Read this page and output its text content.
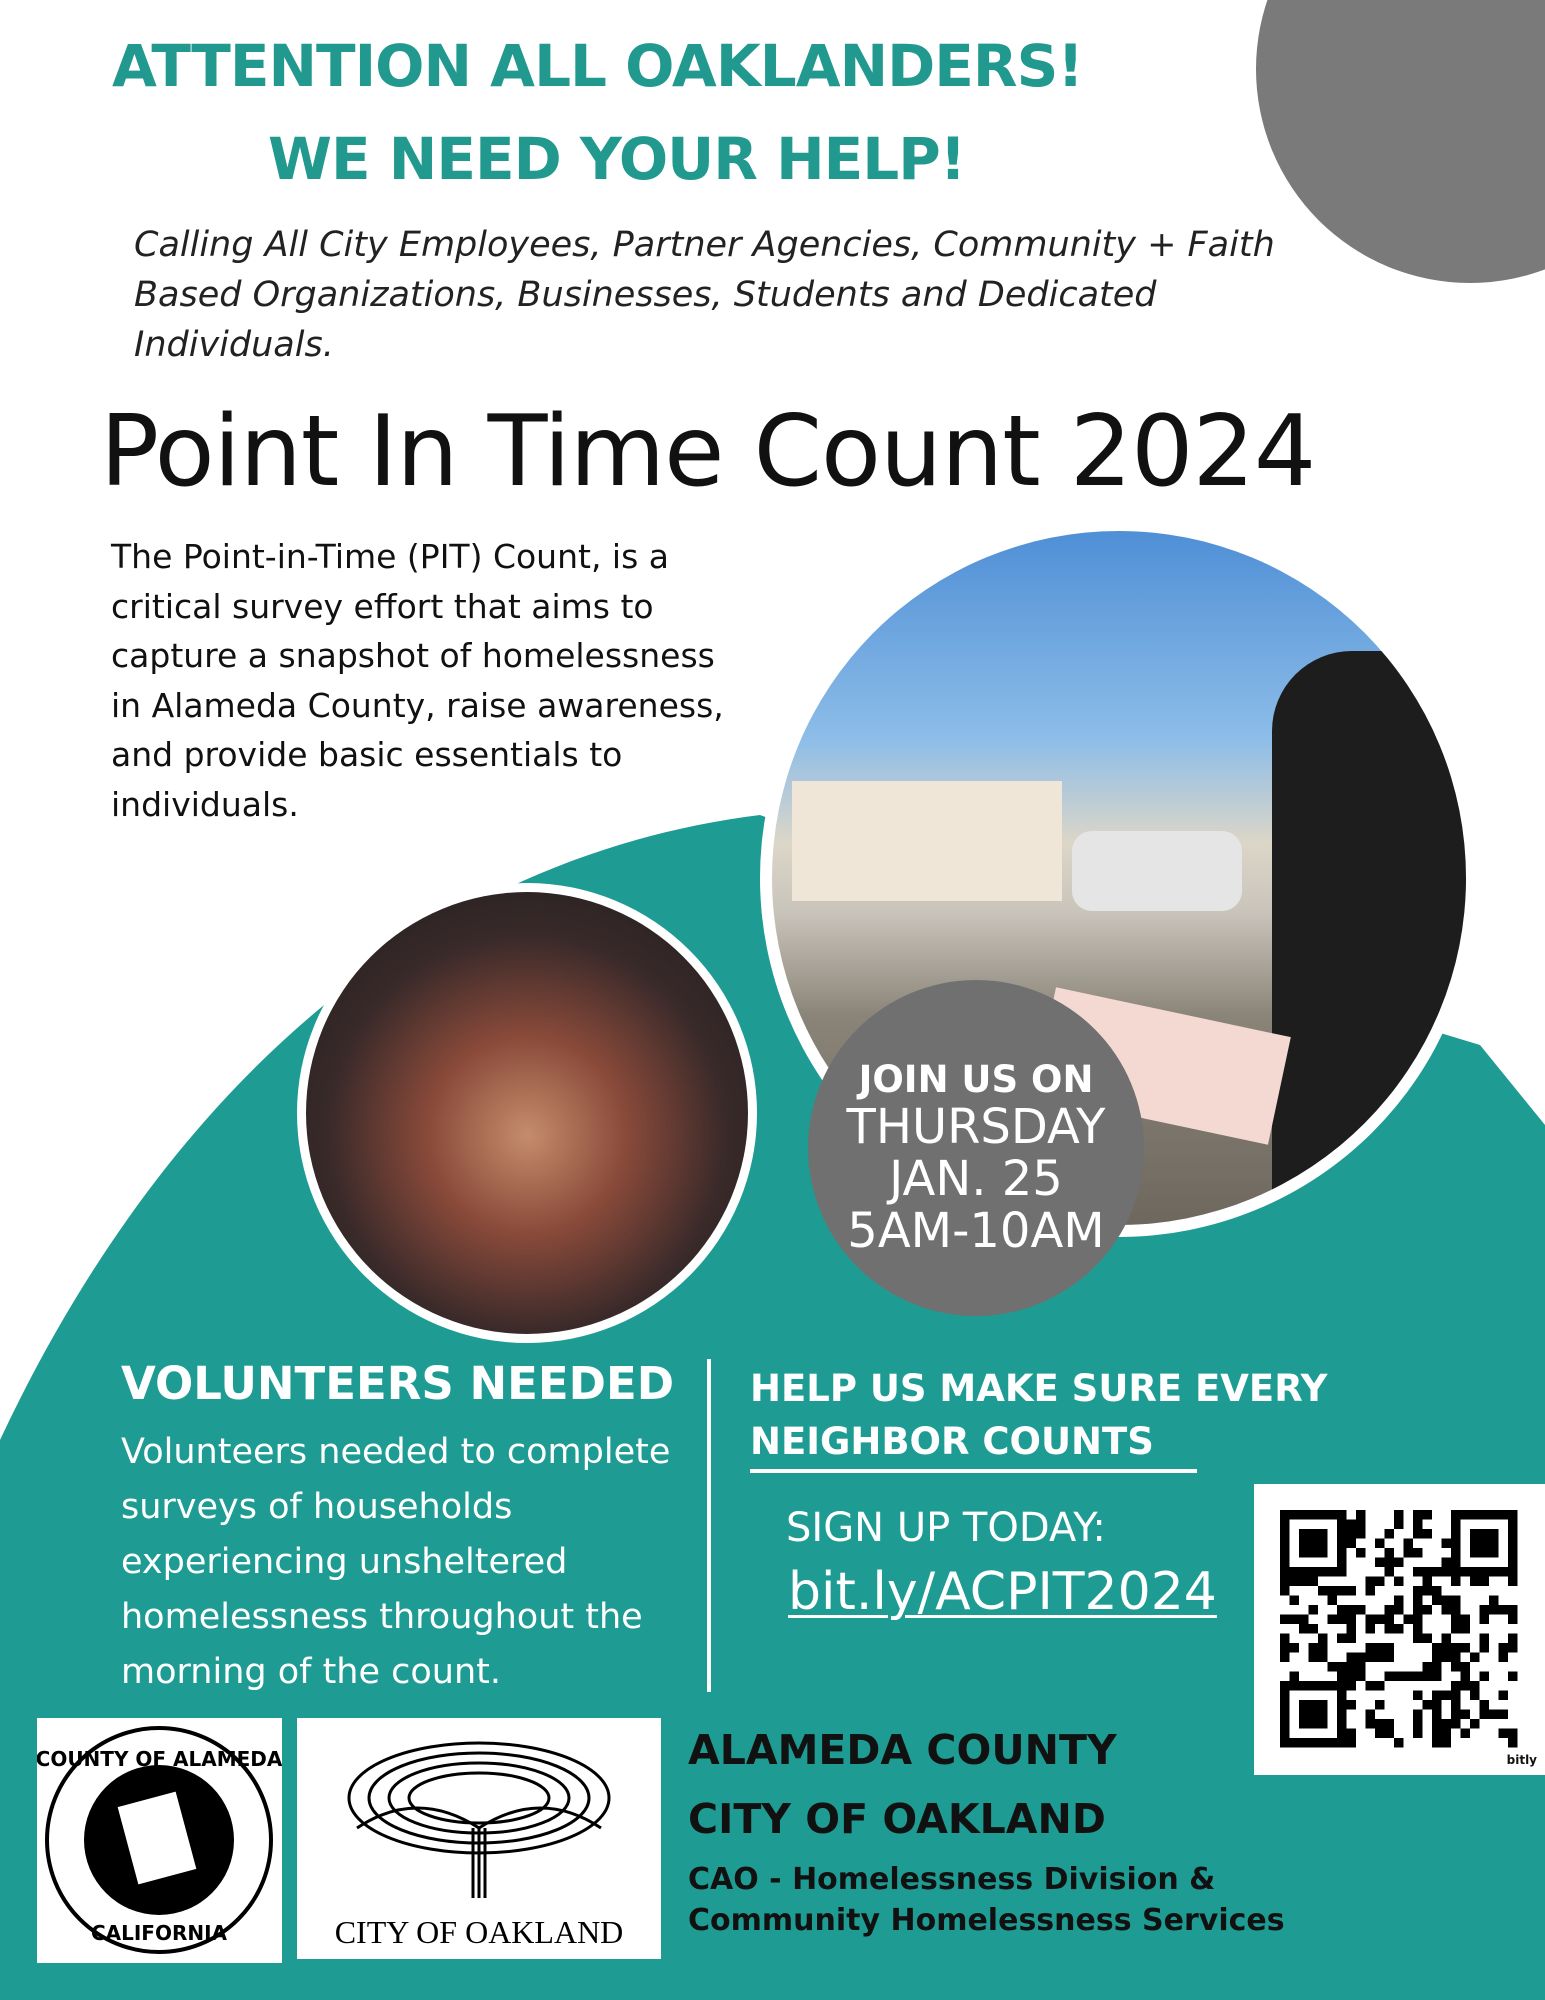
ATTENTION ALL OAKLANDERS!
WE NEED YOUR HELP!
Calling All City Employees, Partner Agencies, Community + Faith Based Organizations, Businesses, Students and Dedicated Individuals.
Point In Time Count 2024
The Point-in-Time (PIT) Count, is a critical survey effort that aims to capture a snapshot of homelessness in Alameda County, raise awareness, and provide basic essentials to individuals.
JOIN US ON
THURSDAY
JAN. 25
5AM-10AM
VOLUNTEERS NEEDED
Volunteers needed to complete surveys of households experiencing unsheltered homelessness throughout the morning of the count.
HELP US MAKE SURE EVERY
NEIGHBOR COUNTS
SIGN UP TODAY:
bit.ly/ACPIT2024
bitly
COUNTY OF ALAMEDA
CALIFORNIA	CITY OF OAKLAND
ALAMEDA COUNTY
CITY OF OAKLAND
CAO - Homelessness Division &
Community Homelessness Services
